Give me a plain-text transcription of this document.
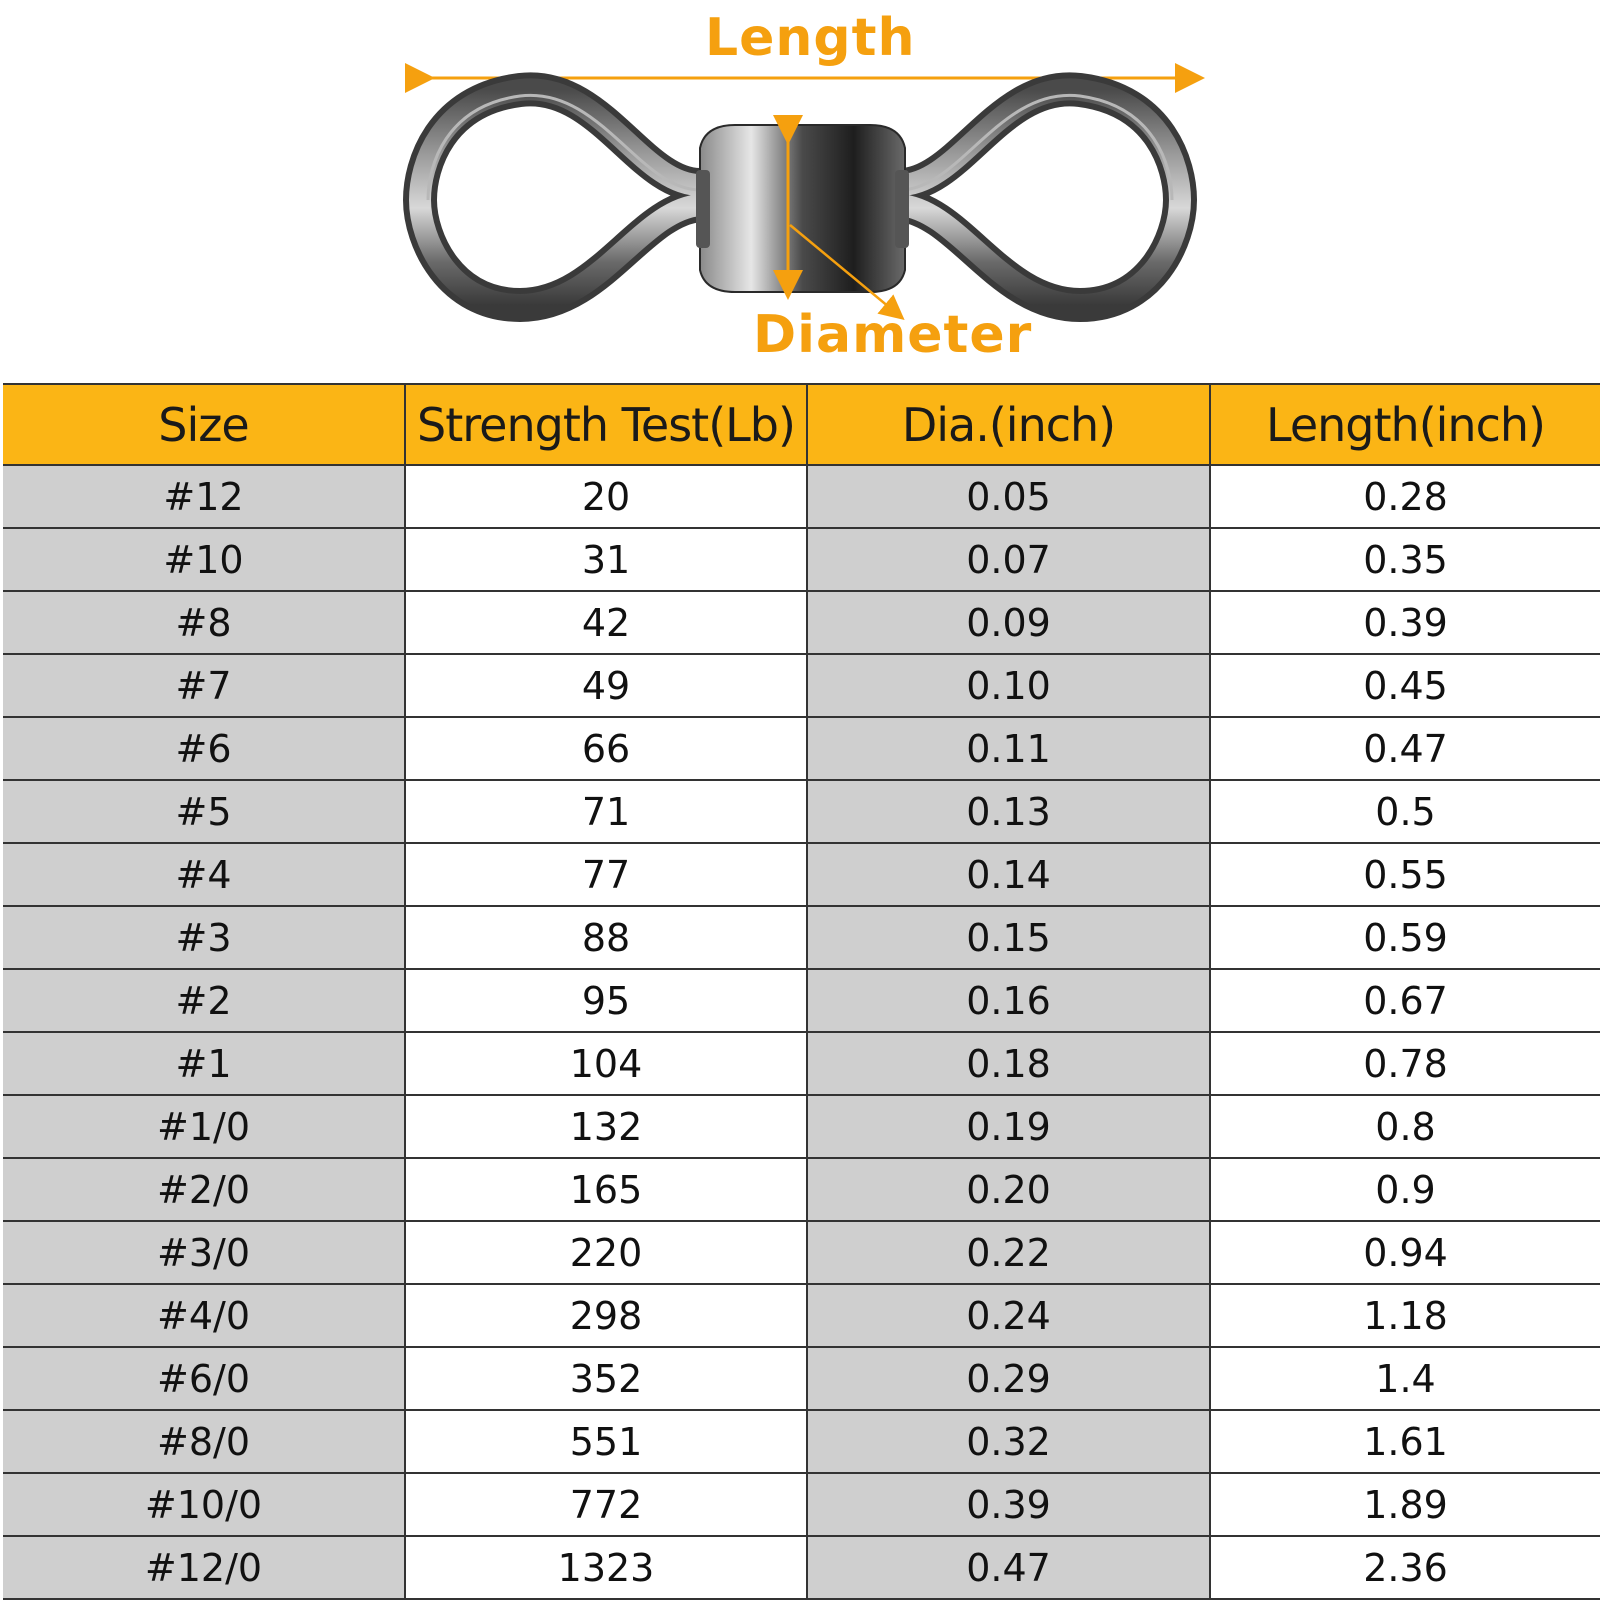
Length
Diameter
Size	Strength Test(Lb)	Dia.(inch)	Length(inch)
#12	20	0.05	0.28
#10	31	0.07	0.35
#8	42	0.09	0.39
#7	49	0.10	0.45
#6	66	0.11	0.47
#5	71	0.13	0.5
#4	77	0.14	0.55
#3	88	0.15	0.59
#2	95	0.16	0.67
#1	104	0.18	0.78
#1/0	132	0.19	0.8
#2/0	165	0.20	0.9
#3/0	220	0.22	0.94
#4/0	298	0.24	1.18
#6/0	352	0.29	1.4
#8/0	551	0.32	1.61
#10/0	772	0.39	1.89
#12/0	1323	0.47	2.36
